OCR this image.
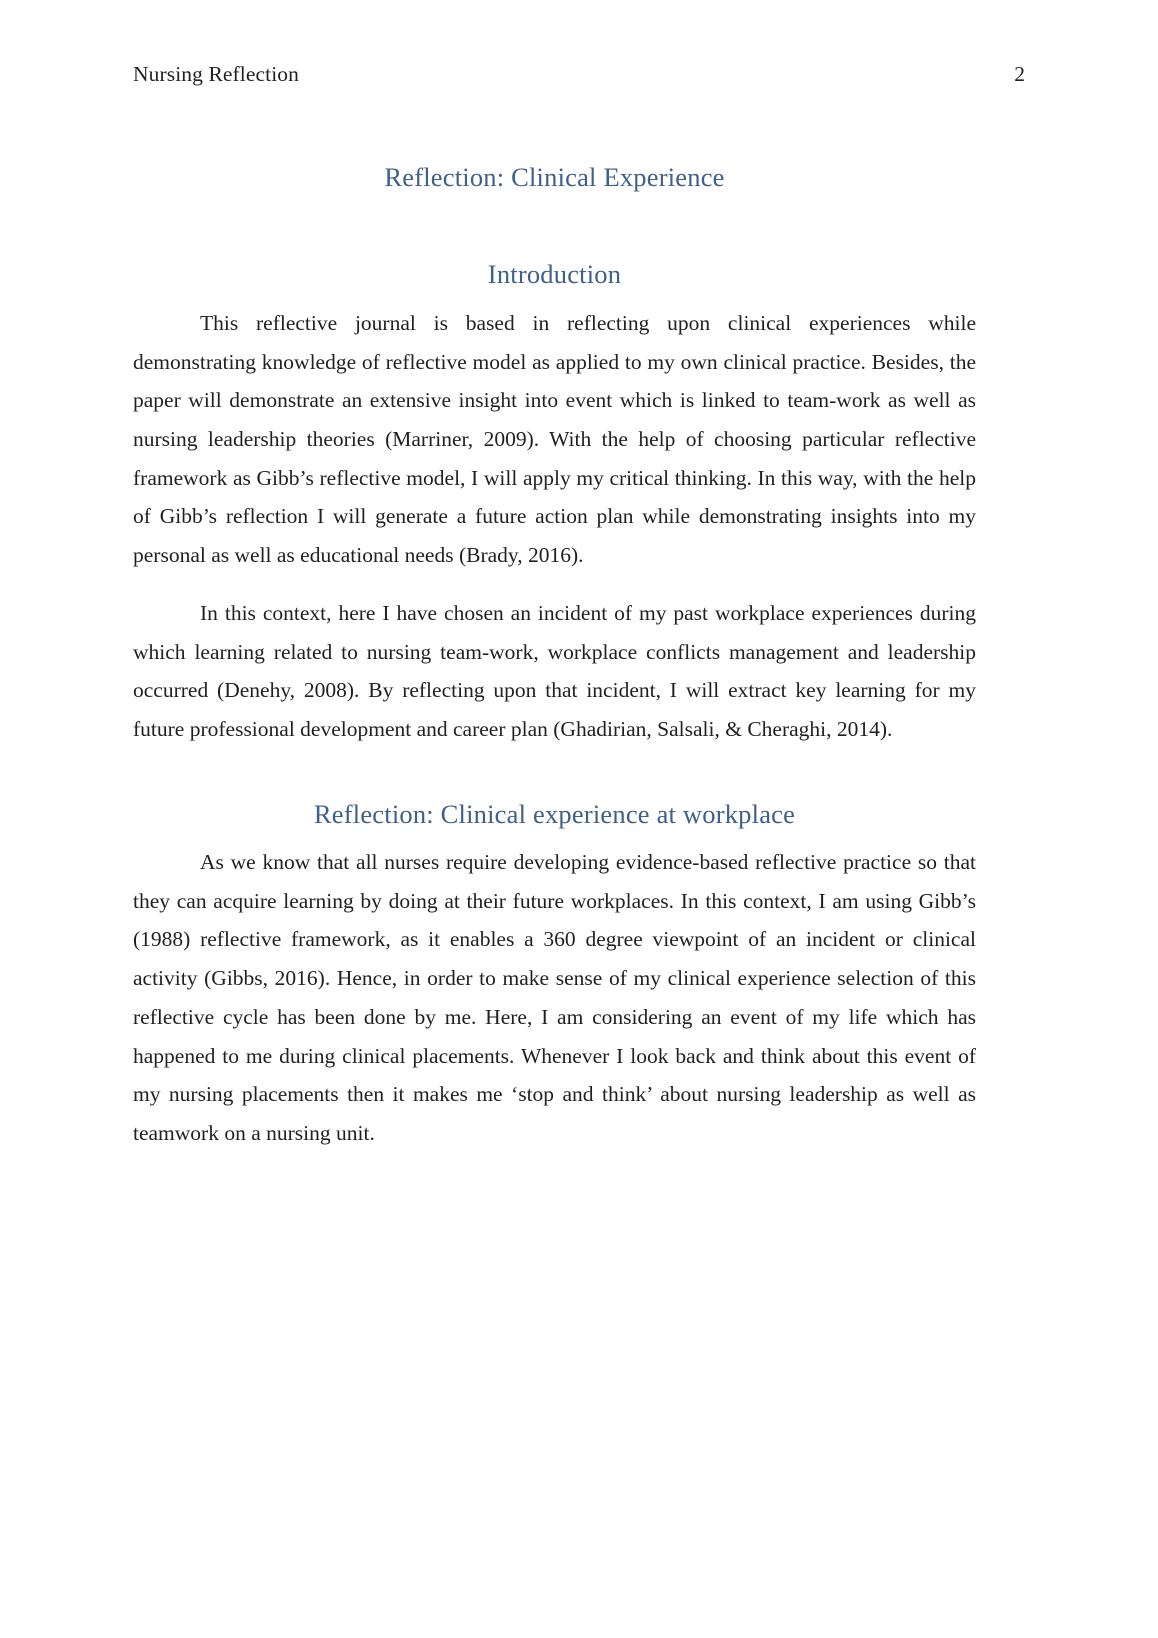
Nursing Reflection	2
Reflection: Clinical Experience
Introduction

This reflective journal is based in reflecting upon clinical experiences while demonstrating knowledge of reflective model as applied to my own clinical practice. Besides, the paper will demonstrate an extensive insight into event which is linked to team-work as well as nursing leadership theories (Marriner, 2009). With the help of choosing particular reflective framework as Gibb’s reflective model, I will apply my critical thinking. In this way, with the help of Gibb’s reflection I will generate a future action plan while demonstrating insights into my personal as well as educational needs (Brady, 2016).

In this context, here I have chosen an incident of my past workplace experiences during which learning related to nursing team-work, workplace conflicts management and leadership occurred (Denehy, 2008). By reflecting upon that incident, I will extract key learning for my future professional development and career plan (Ghadirian, Salsali, & Cheraghi, 2014).

Reflection: Clinical experience at workplace

As we know that all nurses require developing evidence-based reflective practice so that they can acquire learning by doing at their future workplaces. In this context, I am using Gibb’s (1988) reflective framework, as it enables a 360 degree viewpoint of an incident or clinical activity (Gibbs, 2016). Hence, in order to make sense of my clinical experience selection of this reflective cycle has been done by me. Here, I am considering an event of my life which has happened to me during clinical placements. Whenever I look back and think about this event of my nursing placements then it makes me ‘stop and think’ about nursing leadership as well as teamwork on a nursing unit.
